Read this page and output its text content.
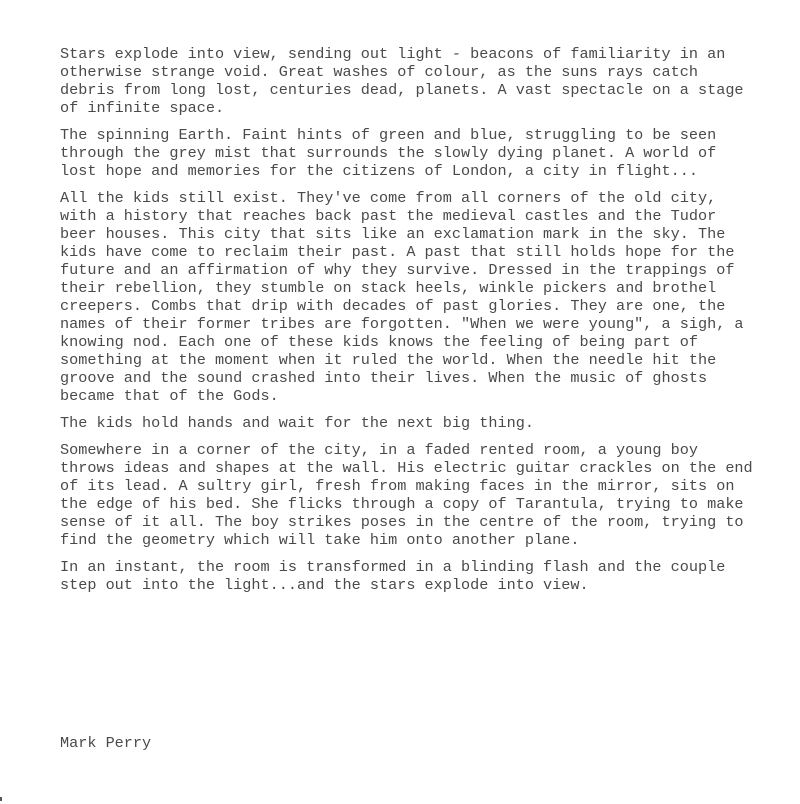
Stars explode into view, sending out light - beacons of familiarity in an otherwise strange void. Great washes of colour, as the suns rays catch debris from long lost, centuries dead, planets. A vast spectacle on a stage of infinite space.

The spinning Earth. Faint hints of green and blue, struggling to be seen through the grey mist that surrounds the slowly dying planet. A world of lost hope and memories for the citizens of London, a city in flight...

All the kids still exist. They've come from all corners of the old city, with a history that reaches back past the medieval castles and the Tudor beer houses. This city that sits like an exclamation mark in the sky. The kids have come to reclaim their past. A past that still holds hope for the future and an affirmation of why they survive. Dressed in the trappings of their rebellion, they stumble on stack heels, winkle pickers and brothel creepers. Combs that drip with decades of past glories. They are one, the names of their former tribes are forgotten. "When we were young", a sigh, a knowing nod. Each one of these kids knows the feeling of being part of something at the moment when it ruled the world. When the needle hit the groove and the sound crashed into their lives. When the music of ghosts became that of the Gods.

The kids hold hands and wait for the next big thing.

Somewhere in a corner of the city, in a faded rented room, a young boy throws ideas and shapes at the wall. His electric guitar crackles on the end of its lead. A sultry girl, fresh from making faces in the mirror, sits on the edge of his bed. She flicks through a copy of Tarantula, trying to make sense of it all. The boy strikes poses in the centre of the room, trying to find the geometry which will take him onto another plane.

In an instant, the room is transformed in a blinding flash and the couple step out into the light...and the stars explode into view.

Mark Perry
